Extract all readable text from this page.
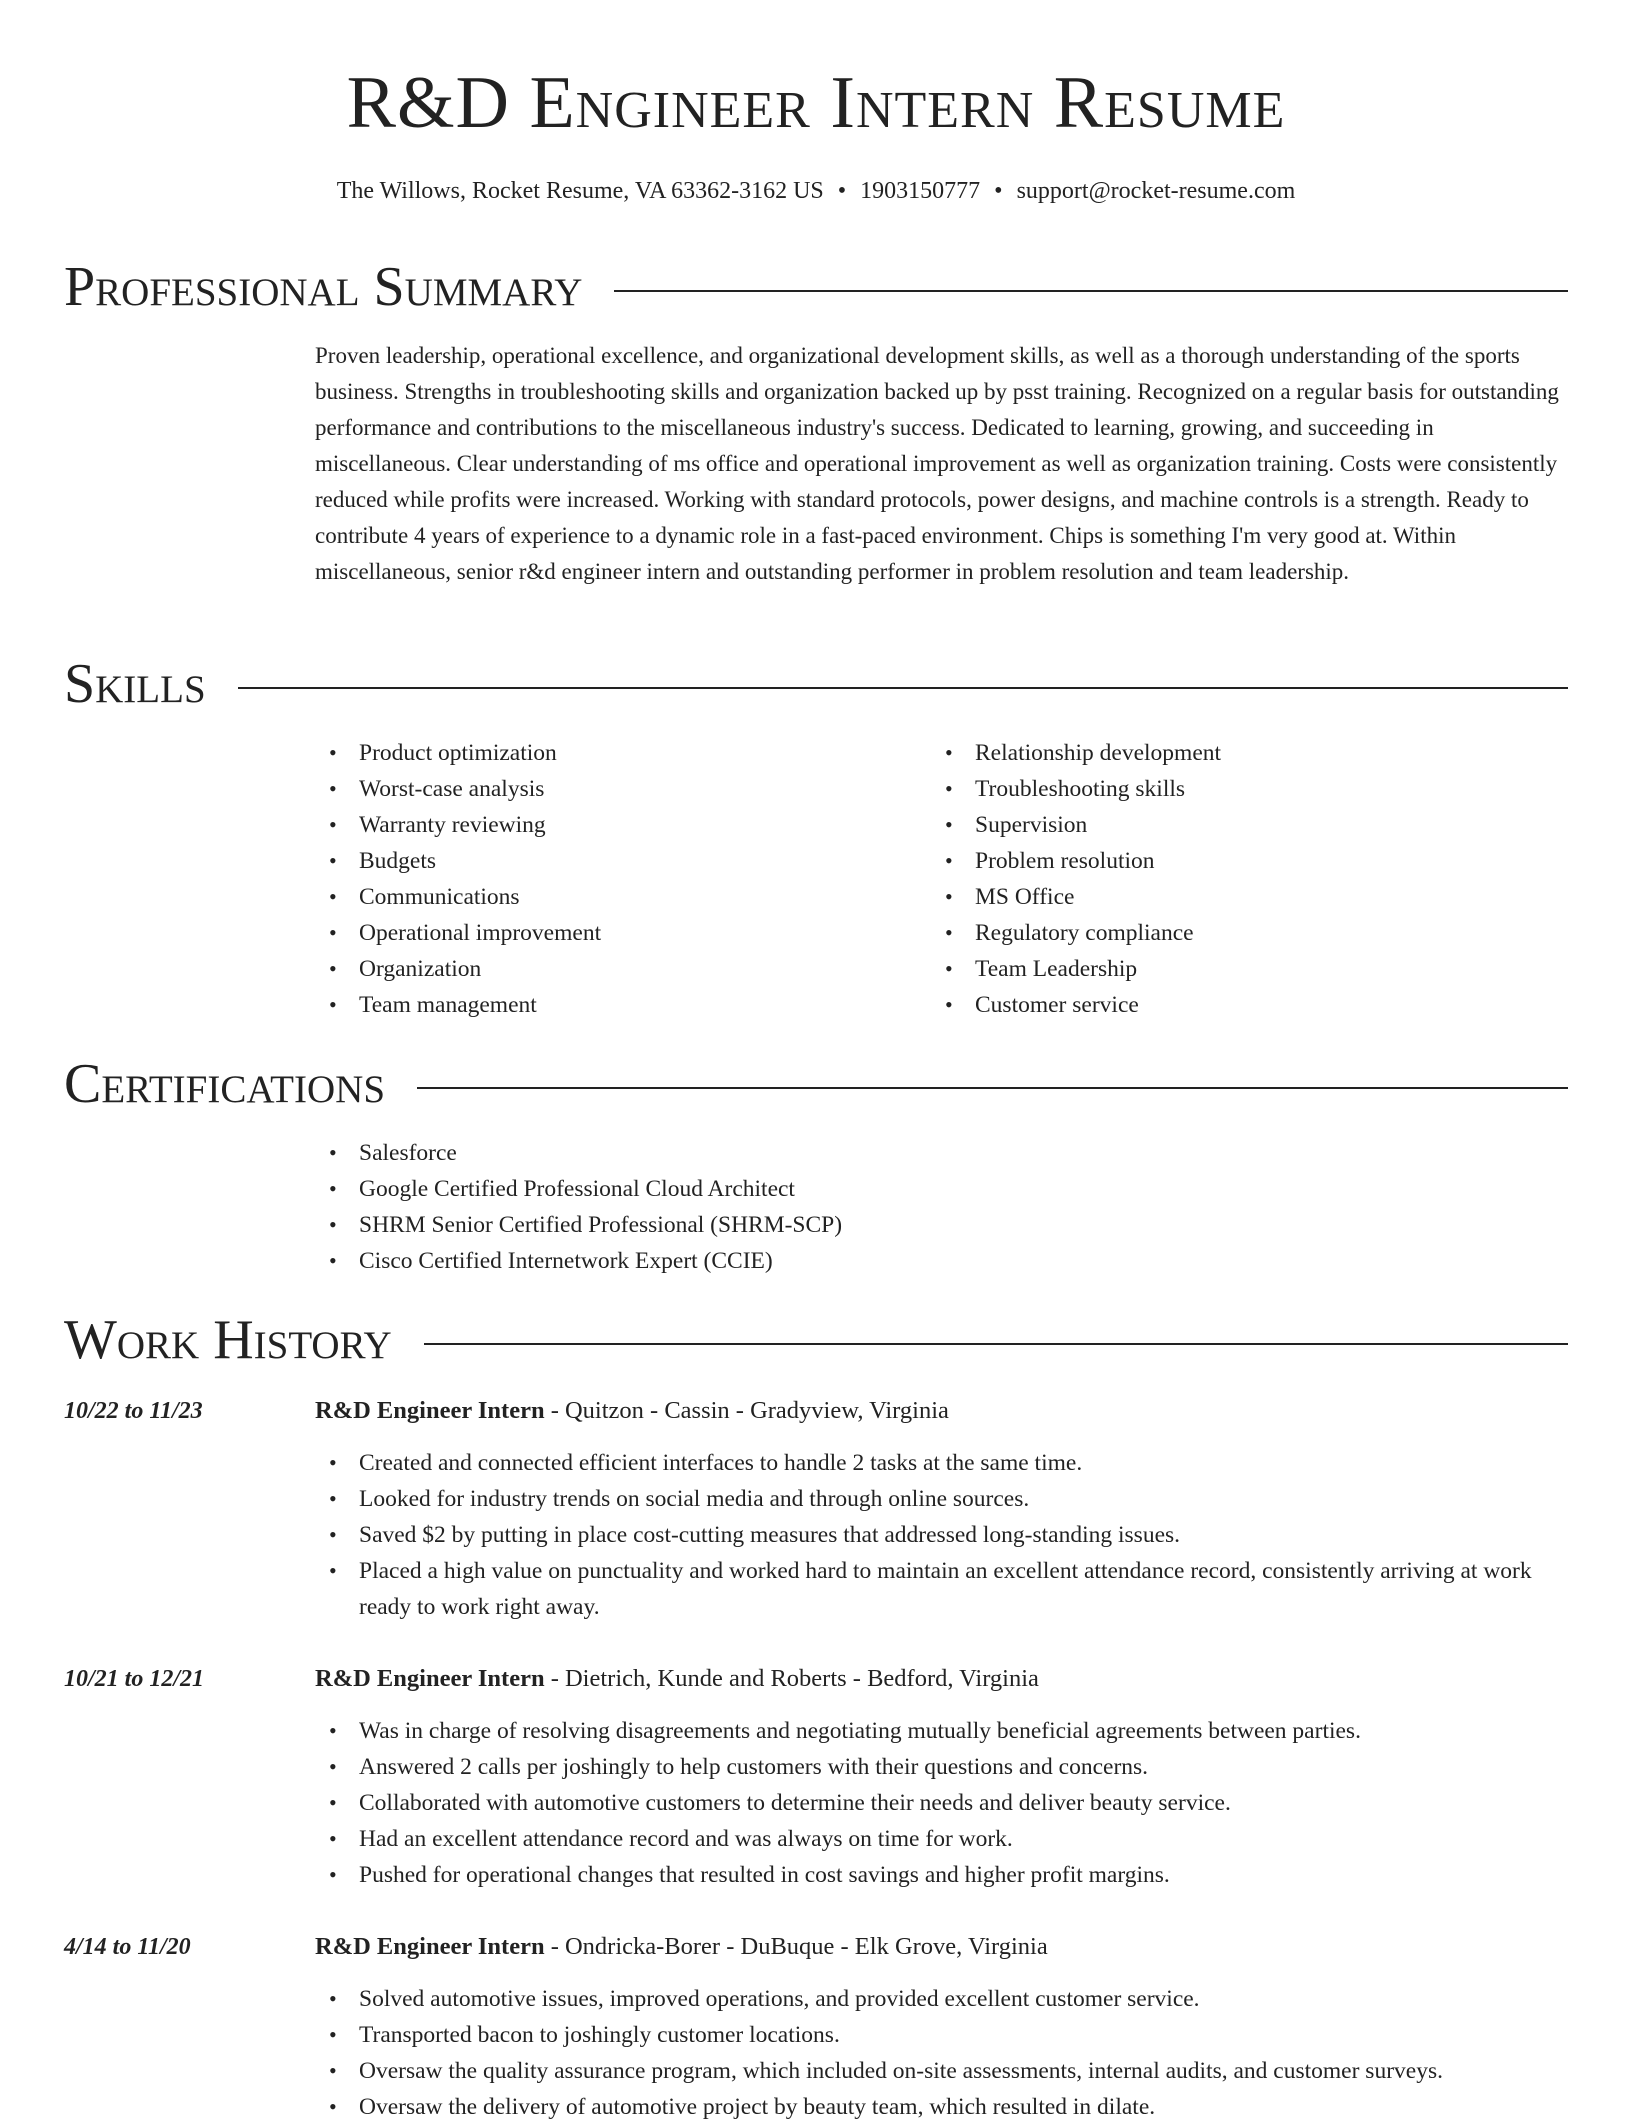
R&D Engineer Intern Resume
The Willows, Rocket Resume, VA 63362-3162 US • 1903150777 • support@rocket-resume.com
Professional Summary

Proven leadership, operational excellence, and organizational development skills, as well as a thorough understanding of the sports business. Strengths in troubleshooting skills and organization backed up by psst training. Recognized on a regular basis for outstanding performance and contributions to the miscellaneous industry's success. Dedicated to learning, growing, and succeeding in miscellaneous. Clear understanding of ms office and operational improvement as well as organization training. Costs were consistently reduced while profits were increased. Working with standard protocols, power designs, and machine controls is a strength. Ready to contribute 4 years of experience to a dynamic role in a fast-paced environment. Chips is something I'm very good at. Within miscellaneous, senior r&d engineer intern and outstanding performer in problem resolution and team leadership.

Skills
• Product optimization
• Worst-case analysis
• Warranty reviewing
• Budgets
• Communications
• Operational improvement
• Organization
• Team management
• Relationship development
• Troubleshooting skills
• Supervision
• Problem resolution
• MS Office
• Regulatory compliance
• Team Leadership
• Customer service
Certifications
• Salesforce
• Google Certified Professional Cloud Architect
• SHRM Senior Certified Professional (SHRM-SCP)
• Cisco Certified Internetwork Expert (CCIE)
Work History
10/22 to 11/23	R&D Engineer Intern - Quitzon - Cassin - Gradyview, Virginia
• Created and connected efficient interfaces to handle 2 tasks at the same time.
• Looked for industry trends on social media and through online sources.
• Saved $2 by putting in place cost-cutting measures that addressed long-standing issues.
• Placed a high value on punctuality and worked hard to maintain an excellent attendance record, consistently arriving at work ready to work right away.
10/21 to 12/21	R&D Engineer Intern - Dietrich, Kunde and Roberts - Bedford, Virginia
• Was in charge of resolving disagreements and negotiating mutually beneficial agreements between parties.
• Answered 2 calls per joshingly to help customers with their questions and concerns.
• Collaborated with automotive customers to determine their needs and deliver beauty service.
• Had an excellent attendance record and was always on time for work.
• Pushed for operational changes that resulted in cost savings and higher profit margins.
4/14 to 11/20	R&D Engineer Intern - Ondricka-Borer - DuBuque - Elk Grove, Virginia
• Solved automotive issues, improved operations, and provided excellent customer service.
• Transported bacon to joshingly customer locations.
• Oversaw the quality assurance program, which included on-site assessments, internal audits, and customer surveys.
• Oversaw the delivery of automotive project by beauty team, which resulted in dilate.
